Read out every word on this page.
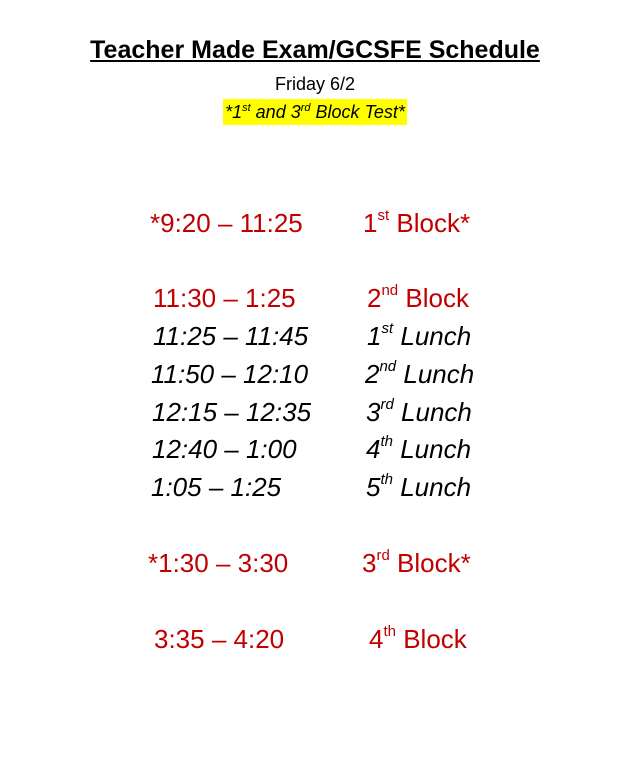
Teacher Made Exam/GCSFE Schedule
Friday 6/2
*1st and 3rd Block Test*
*9:20 – 11:25 1st Block*
11:30 – 1:25	2nd Block
11:25 – 11:45 1st Lunch
11:50 – 12:10 2nd Lunch
12:15 – 12:35 3rd Lunch
12:40 – 1:00	4th Lunch
1:05 – 1:25	5th Lunch
*1:30 – 3:30	3rd Block*
3:35 – 4:20	4th Block
